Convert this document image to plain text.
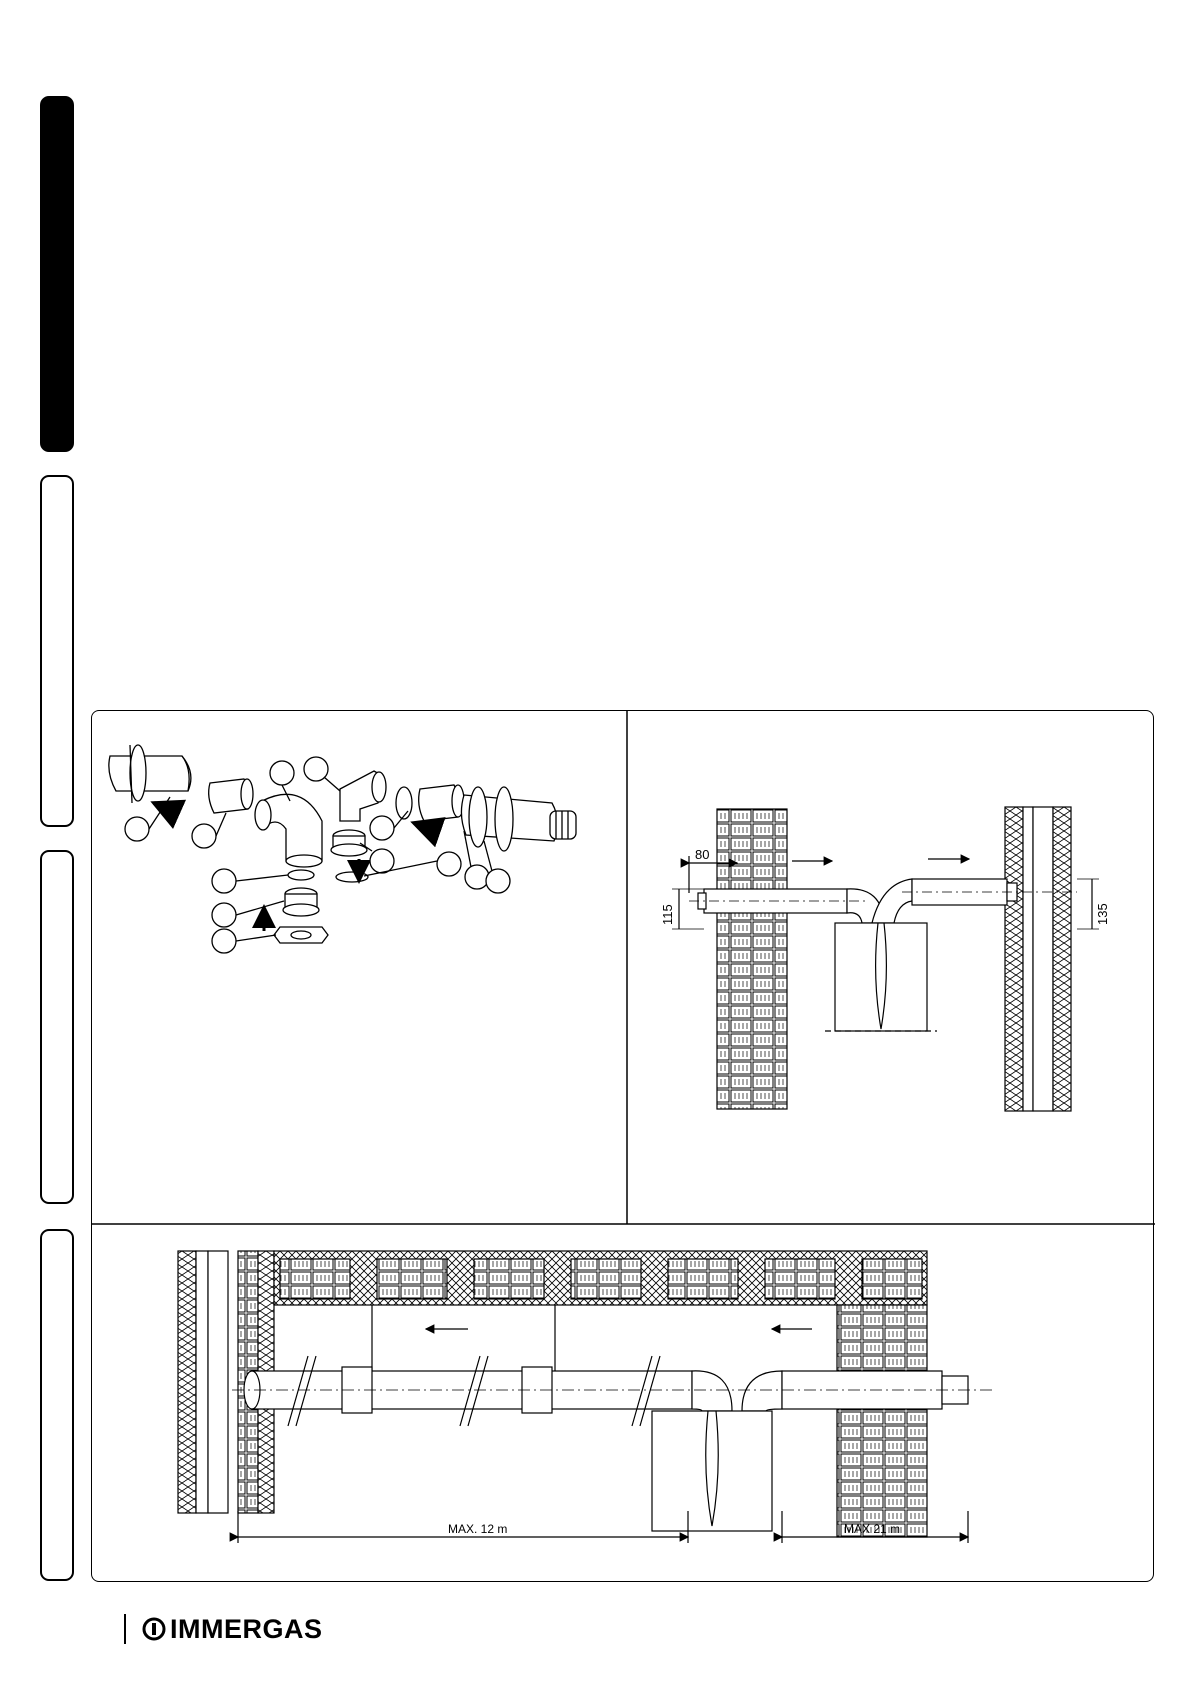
80
115	135
MAX. 12 m	MAX 21 m
IMMERGAS
